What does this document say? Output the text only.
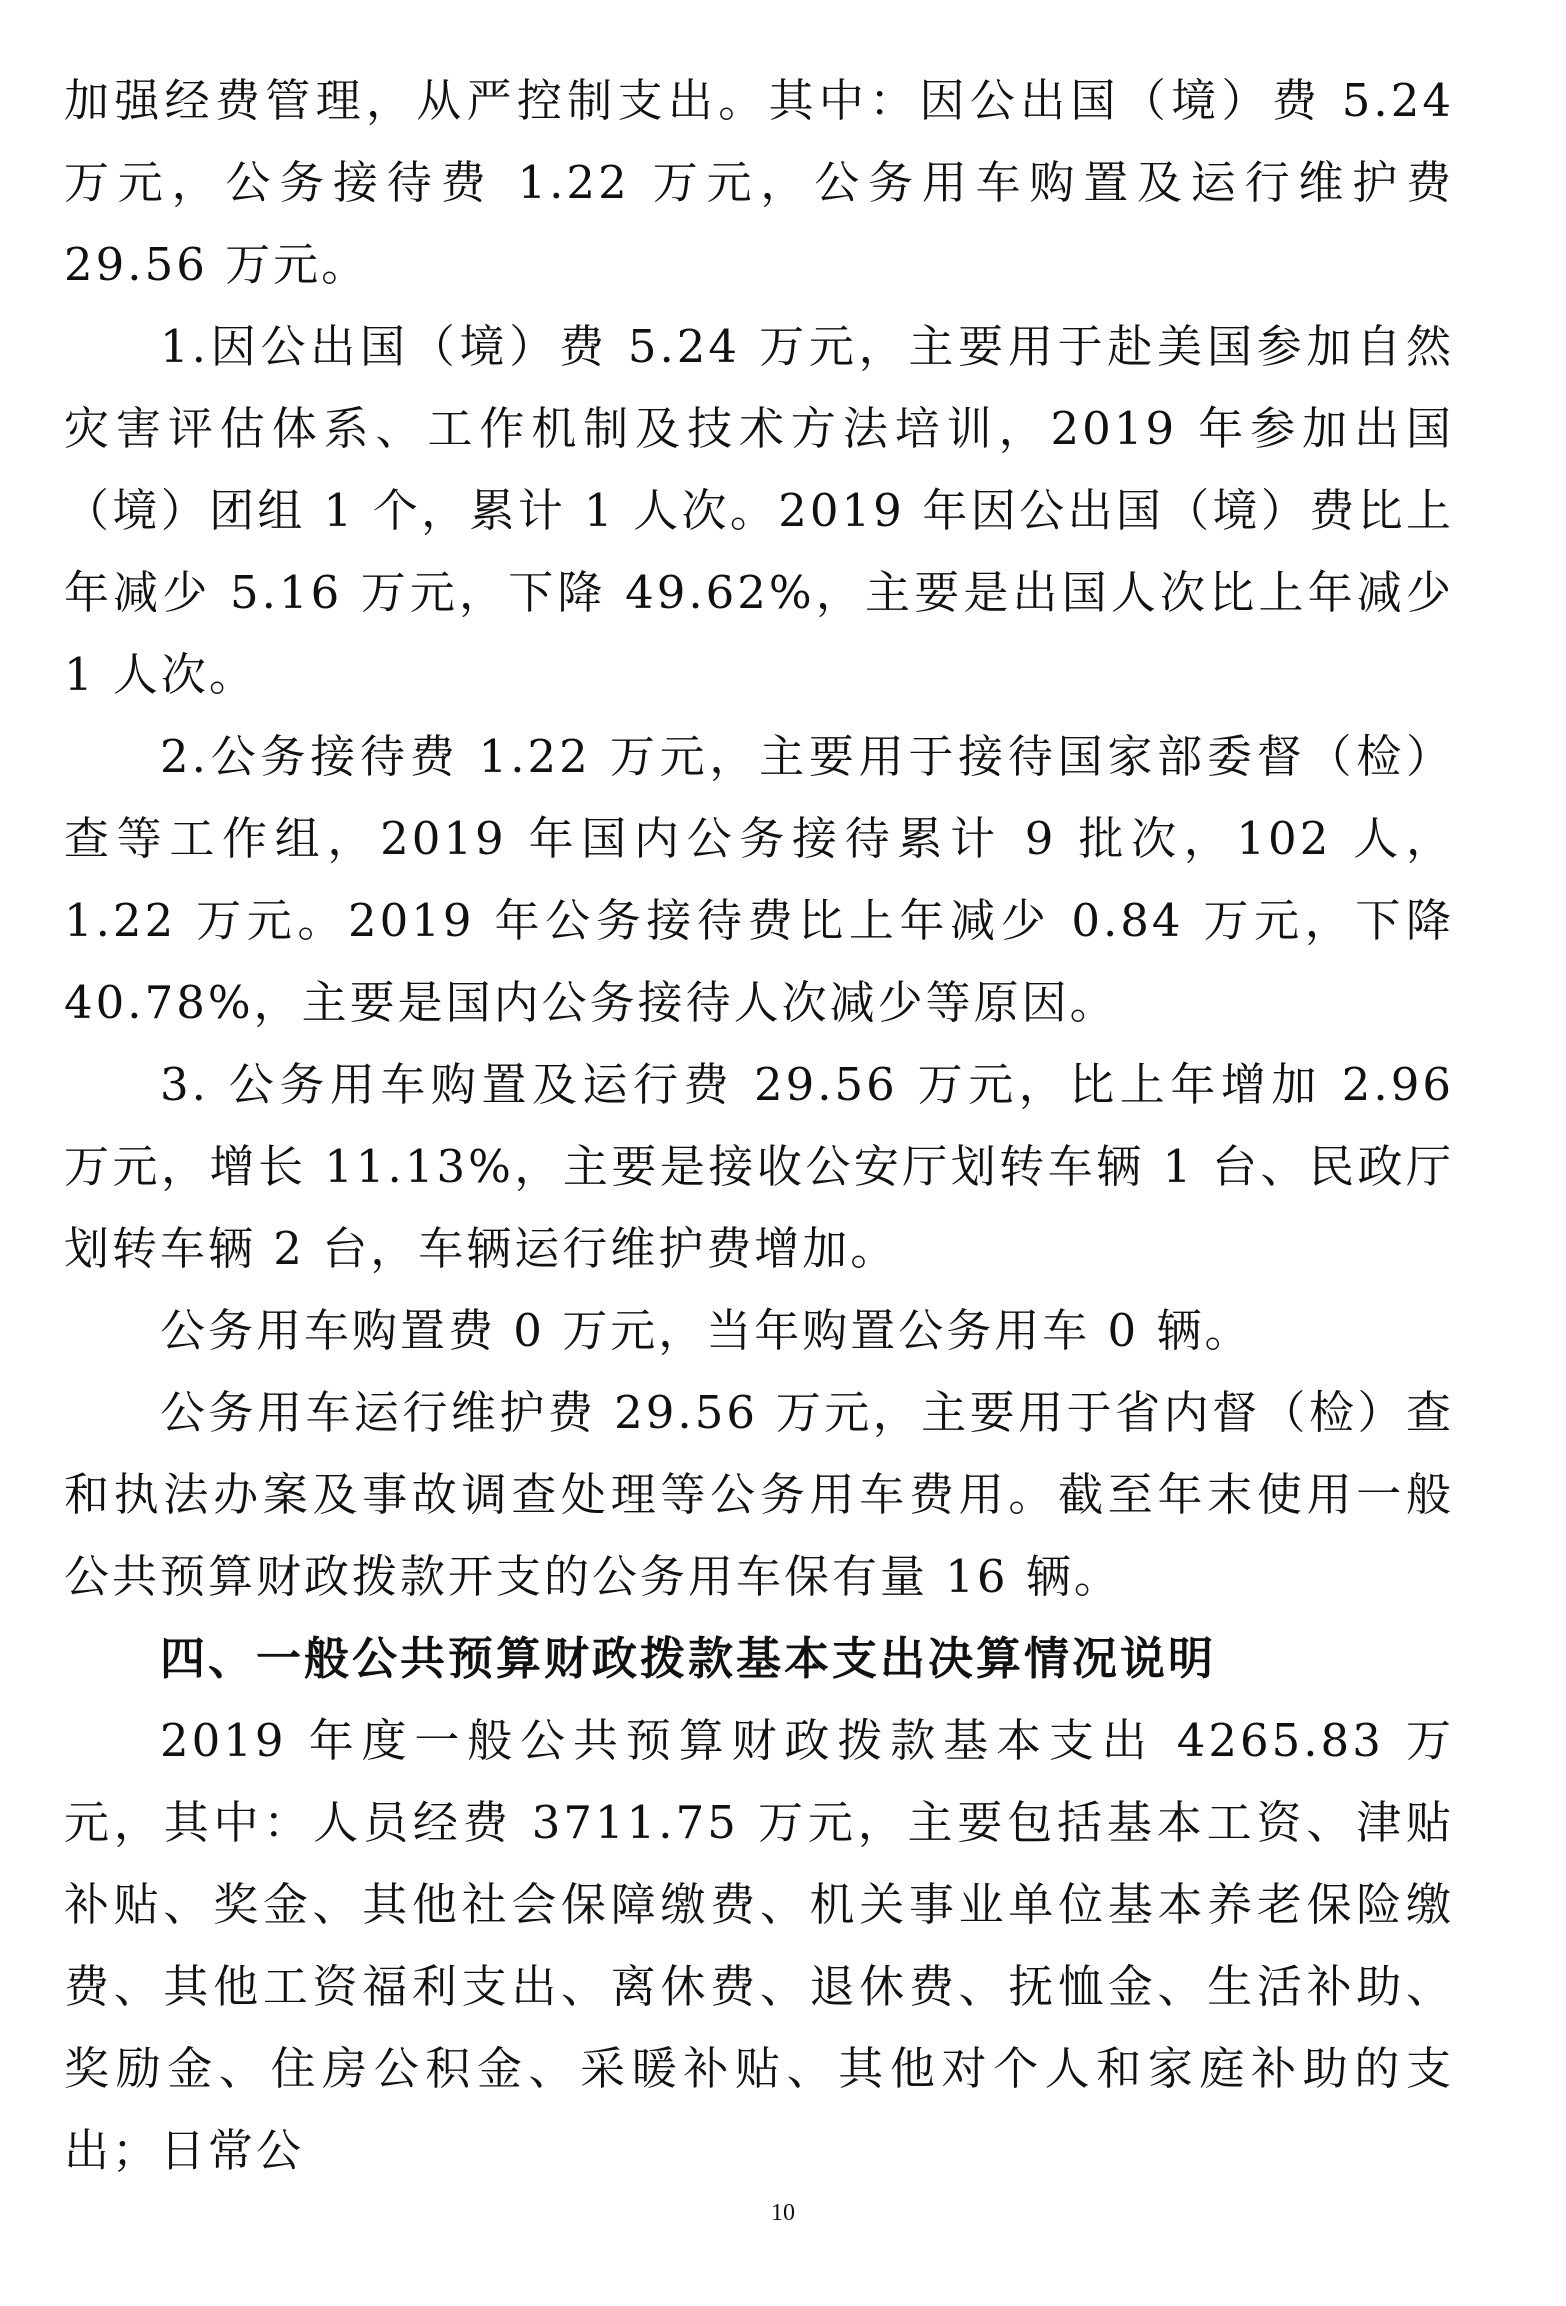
加强经费管理，从严控制支出。其中：因公出国（境）费 5.24 万元，公务接待费 1.22 万元，公务用车购置及运行维护费 29.56 万元。

1.因公出国（境）费 5.24 万元，主要用于赴美国参加自然灾害评估体系、工作机制及技术方法培训，2019 年参加出国（境）团组 1 个，累计 1 人次。2019 年因公出国（境）费比上年减少 5.16 万元，下降 49.62%，主要是出国人次比上年减少 1 人次。

2.公务接待费 1.22 万元，主要用于接待国家部委督（检）查等工作组，2019 年国内公务接待累计 9 批次，102 人，1.22 万元。2019 年公务接待费比上年减少 0.84 万元，下降 40.78%，主要是国内公务接待人次减少等原因。

3. 公务用车购置及运行费 29.56 万元，比上年增加 2.96 万元，增长 11.13%，主要是接收公安厅划转车辆 1 台、民政厅划转车辆 2 台，车辆运行维护费增加。

公务用车购置费 0 万元，当年购置公务用车 0 辆。

公务用车运行维护费 29.56 万元，主要用于省内督（检）查和执法办案及事故调查处理等公务用车费用。截至年末使用一般公共预算财政拨款开支的公务用车保有量 16 辆。

四、一般公共预算财政拨款基本支出决算情况说明

2019 年度一般公共预算财政拨款基本支出 4265.83 万元，其中：人员经费 3711.75 万元，主要包括基本工资、津贴补贴、奖金、其他社会保障缴费、机关事业单位基本养老保险缴费、其他工资福利支出、离休费、退休费、抚恤金、生活补助、奖励金、住房公积金、采暖补贴、其他对个人和家庭补助的支出；日常公

10
